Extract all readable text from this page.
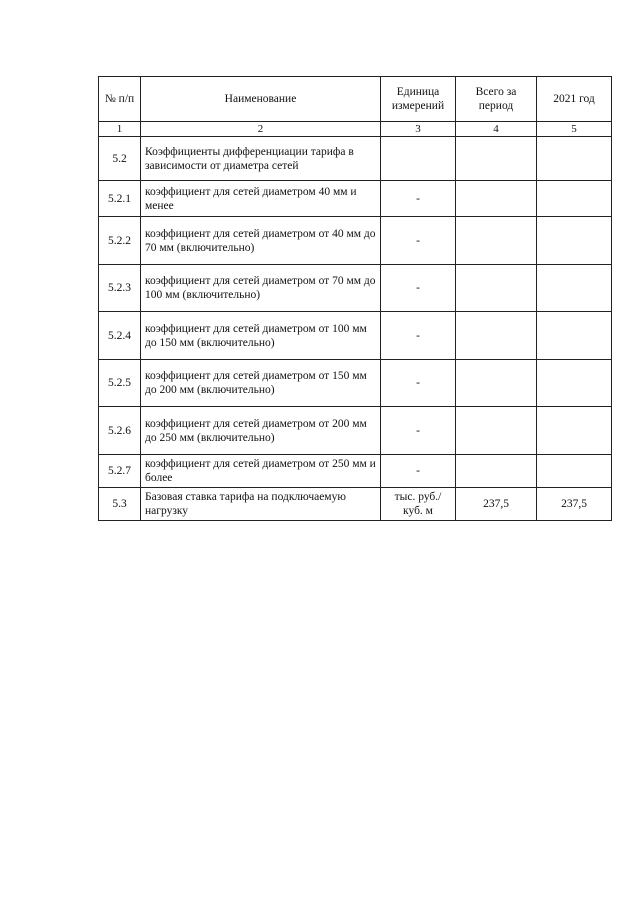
№ п/п	Наименование	Единица измерений	Всего за период	2021 год
1	2	3	4	5
5.2	Коэффициенты дифференциации тарифа в зависимости от диаметра сетей			
5.2.1	коэффициент для сетей диаметром 40 мм и менее	-		
5.2.2	коэффициент для сетей диаметром от 40 мм до 70 мм (включительно)	-		
5.2.3	коэффициент для сетей диаметром от 70 мм до 100 мм (включительно)	-		
5.2.4	коэффициент для сетей диаметром от 100 мм до 150 мм (включительно)	-		
5.2.5	коэффициент для сетей диаметром от 150 мм до 200 мм (включительно)	-		
5.2.6	коэффициент для сетей диаметром от 200 мм до 250 мм (включительно)	-		
5.2.7	коэффициент для сетей диаметром от 250 мм и более	-		
5.3	Базовая ставка тарифа на подключаемую нагрузку	тыс. руб./ куб. м	237,5	237,5
